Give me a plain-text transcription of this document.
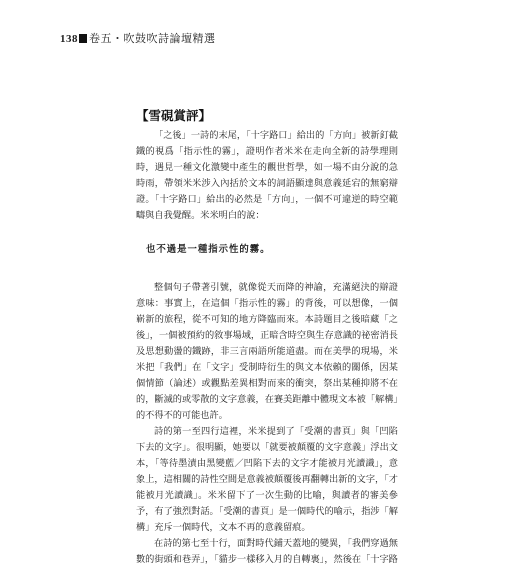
138 卷五・吹鼓吹詩論壇精選
【雪硯賞評】

「之後」一詩的末尾，「十字路口」給出的「方向」被新釘截鐵的視爲「指示性的霧」，證明作者米米在走向全新的詩學理則時，遇見一種文化激變中產生的觀世哲學，如一場不由分說的急時雨，帶領米米涉入內括於文本的詞語顯達與意義延宕的無窮辯證。「十字路口」給出的必然是「方向」，一個不可違逆的時空範疇與自我覺醒。米米明白的說：

也不過是一種指示性的霧。

整個句子帶著引號，就像從天而降的神諭，充滿絕決的辯證意味：事實上，在這個「指示性的霧」的背後，可以想像，一個嶄新的旅程，從不可知的地方降臨而來。本詩題目之後暗藏「之後」，一個被預約的敘事場域，正暗含時空與生存意識的祕密消長及思想動盪的鐵跡，非三言兩語所能道盡。而在美學的現場，米米把「我們」在「文字」受制時衍生的與文本依賴的關係，因某個情節（論述）或觀點差異相對而來的衝突，祭出某種抑將不在的，斷滅的或零散的文字意義，在賽美距離中體現文本被「解構」的不得不的可能也許。

詩的第一至四行這裡，米米提到了「受潮的書頁」與「凹陷下去的文字」。很明顯，她要以「就要被顛覆的文字意義」浮出文本，「等待墨漬由黑變藍／凹陷下去的文字才能被月光讀識」，意象上，這相關的詩性空間是意義被顛覆後再翻轉出新的文字，「才能被月光讀識」。米米留下了一次生動的比喻，與讀者的審美參予，有了強烈對話。「受潮的書頁」是一個時代的喻示，指涉「解構」充斥一個時代，文本不再的意義留痕。

在詩的第七至十行，面對時代鋪天蓋地的變異，「我們穿過無數的街頭和巷弄」，「貓步一樣移入月的自轉裏」，然後在「十字路
